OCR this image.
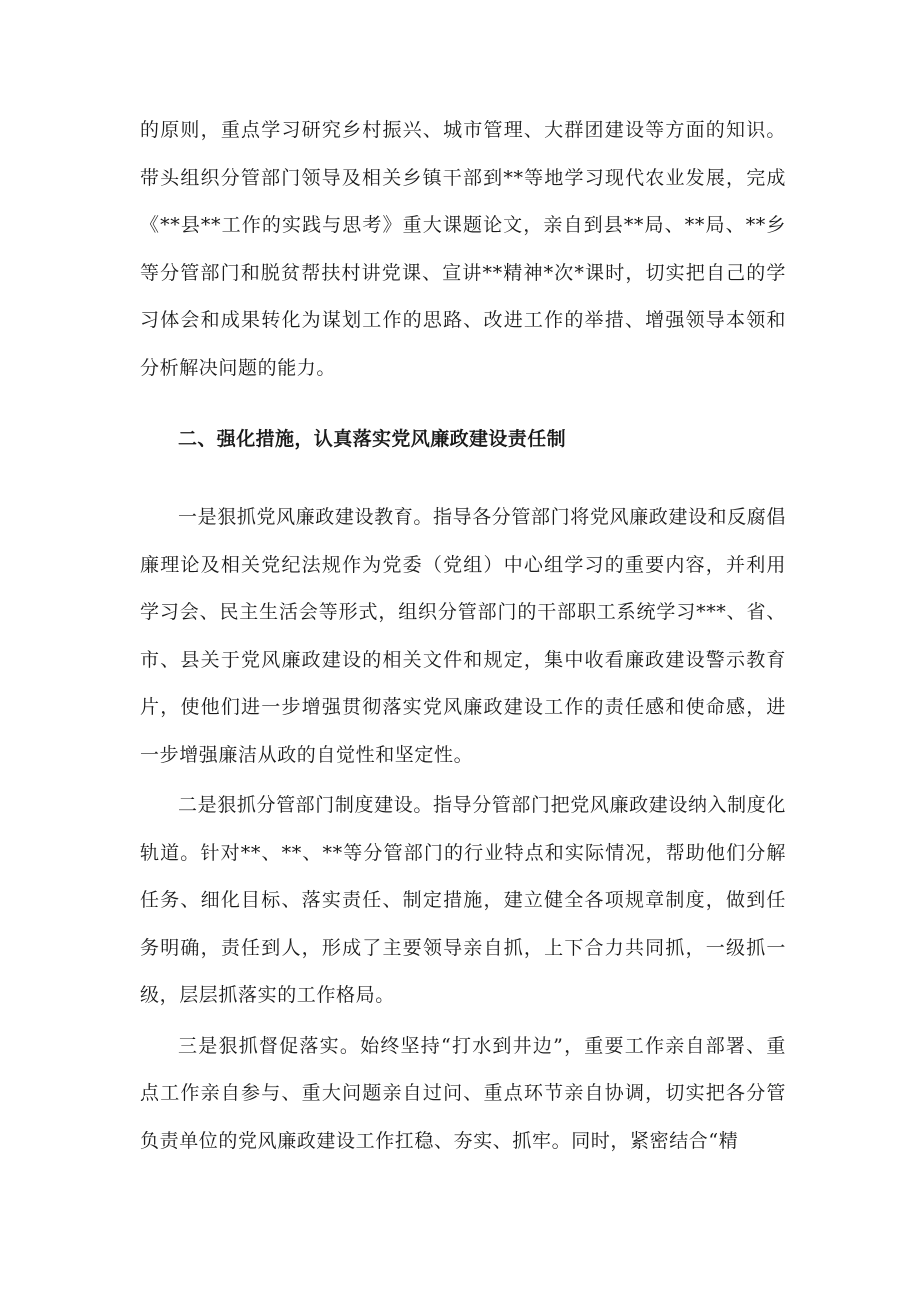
的原则，重点学习研究乡村振兴、城市管理、大群团建设等方面的知识。带头组织分管部门领导及相关乡镇干部到**等地学习现代农业发展，完成《**县**工作的实践与思考》重大课题论文，亲自到县**局、**局、**乡等分管部门和脱贫帮扶村讲党课、宣讲**精神*次*课时，切实把自己的学习体会和成果转化为谋划工作的思路、改进工作的举措、增强领导本领和分析解决问题的能力。

二、强化措施，认真落实党风廉政建设责任制

一是狠抓党风廉政建设教育。指导各分管部门将党风廉政建设和反腐倡廉理论及相关党纪法规作为党委（党组）中心组学习的重要内容，并利用学习会、民主生活会等形式，组织分管部门的干部职工系统学习***、省、市、县关于党风廉政建设的相关文件和规定，集中收看廉政建设警示教育片，使他们进一步增强贯彻落实党风廉政建设工作的责任感和使命感，进一步增强廉洁从政的自觉性和坚定性。

二是狠抓分管部门制度建设。指导分管部门把党风廉政建设纳入制度化轨道。针对**、**、**等分管部门的行业特点和实际情况，帮助他们分解任务、细化目标、落实责任、制定措施，建立健全各项规章制度，做到任务明确，责任到人，形成了主要领导亲自抓，上下合力共同抓，一级抓一级，层层抓落实的工作格局。

三是狠抓督促落实。始终坚持“打水到井边”，重要工作亲自部署、重点工作亲自参与、重大问题亲自过问、重点环节亲自协调，切实把各分管负责单位的党风廉政建设工作扛稳、夯实、抓牢。同时，紧密结合“精
